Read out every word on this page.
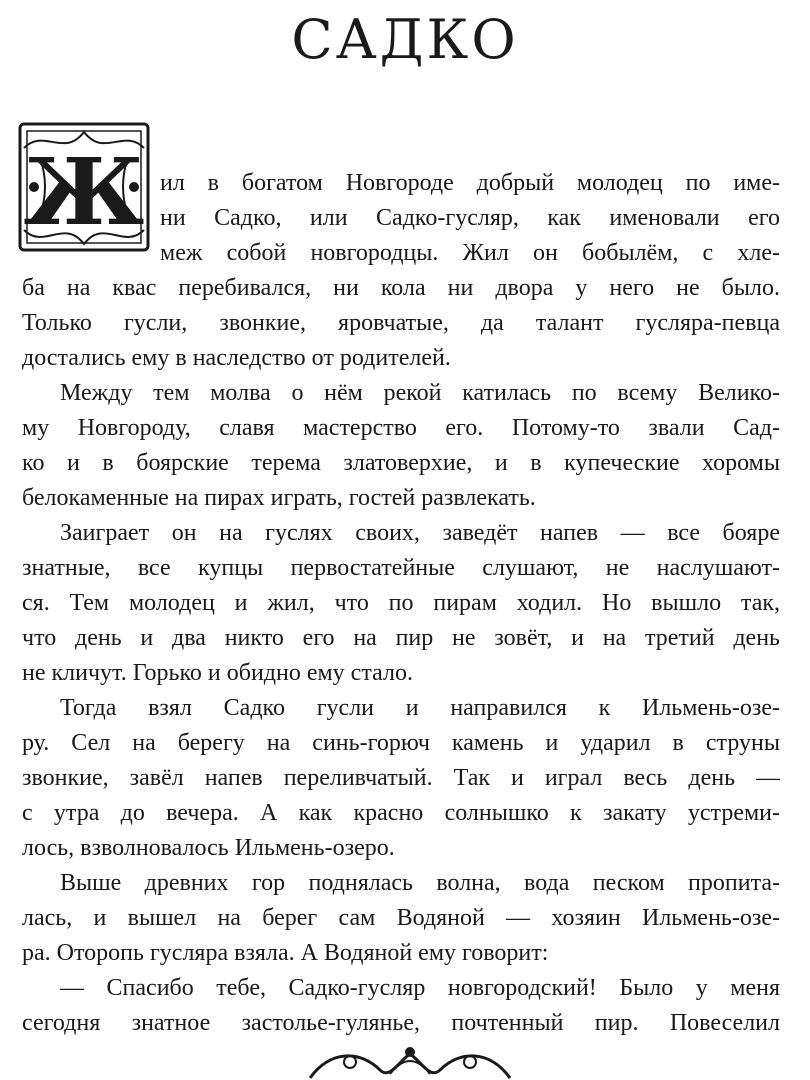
САДКО
Ж ил в богатом Новгороде добрый молодец по име-
ни Садко, или Садко-гусляр, как именовали его
меж собой новгородцы. Жил он бобылём, с хле-
ба на квас перебивался, ни кола ни двора у него не было.
Только гусли, звонкие, яровчатые, да талант гусляра-певца
достались ему в наследство от родителей.
Между тем молва о нём рекой катилась по всему Велико-
му Новгороду, славя мастерство его. Потому-то звали Сад-
ко и в боярские терема златоверхие, и в купеческие хоромы
белокаменные на пирах играть, гостей развлекать.
Заиграет он на гуслях своих, заведёт напев — все бояре
знатные, все купцы первостатейные слушают, не наслушают-
ся. Тем молодец и жил, что по пирам ходил. Но вышло так,
что день и два никто его на пир не зовёт, и на третий день
не кличут. Горько и обидно ему стало.
Тогда взял Садко гусли и направился к Ильмень-озе-
ру. Сел на берегу на синь-горюч камень и ударил в струны
звонкие, завёл напев переливчатый. Так и играл весь день —
с утра до вечера. А как красно солнышко к закату устреми-
лось, взволновалось Ильмень-озеро.
Выше древних гор поднялась волна, вода песком пропита-
лась, и вышел на берег сам Водяной — хозяин Ильмень-озе-
ра. Оторопь гусляра взяла. А Водяной ему говорит:
— Спасибо тебе, Садко-гусляр новгородский! Было у меня
сегодня знатное застолье-гулянье, почтенный пир. Повеселил
